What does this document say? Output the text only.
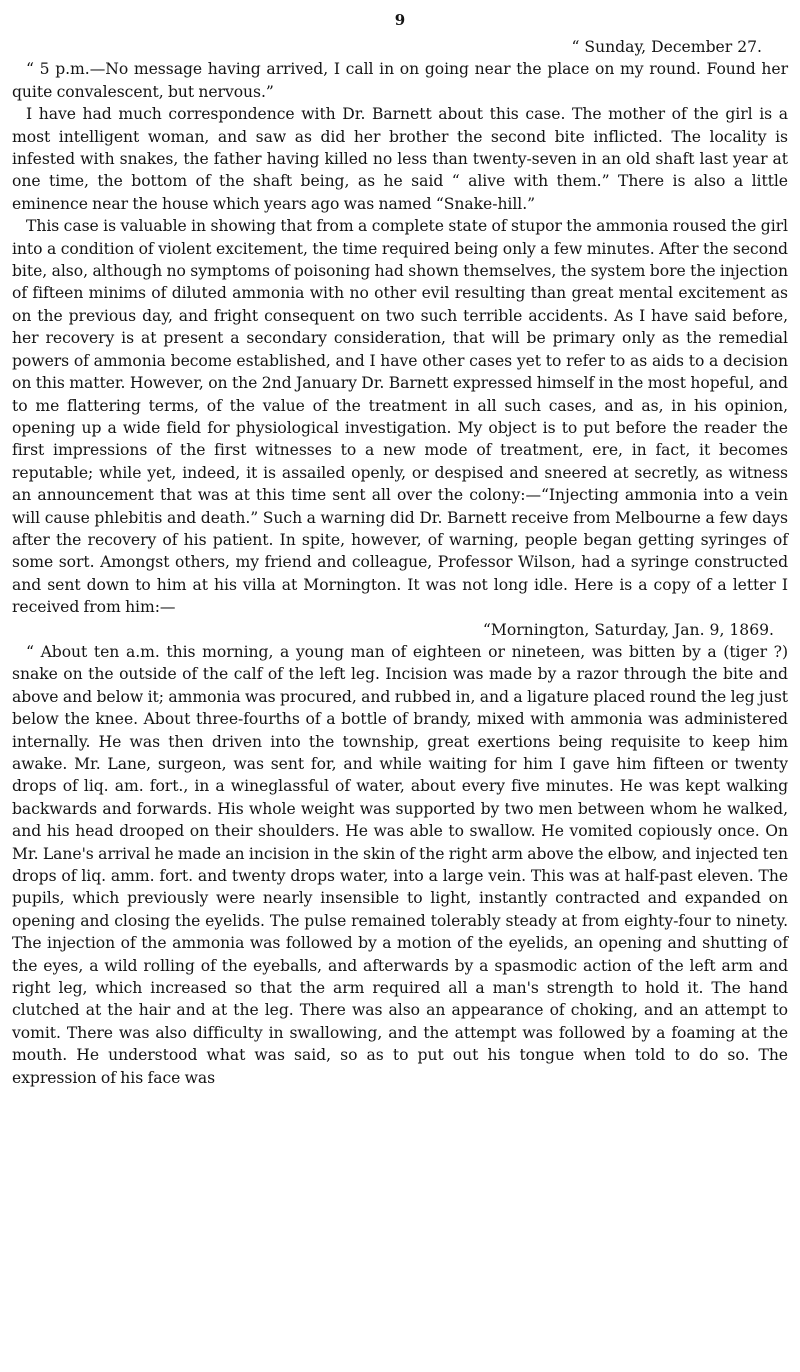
9
“ Sunday, December 27.

“ 5 p.m.—No message having arrived, I call in on going near the place on my round. Found her quite convalescent, but nervous.”

I have had much correspondence with Dr. Barnett about this case. The mother of the girl is a most intelligent woman, and saw as did her brother the second bite inflicted. The locality is infested with snakes, the father having killed no less than twenty-seven in an old shaft last year at one time, the bottom of the shaft being, as he said “ alive with them.” There is also a little eminence near the house which years ago was named “Snake-hill.”

This case is valuable in showing that from a complete state of stupor the ammonia roused the girl into a condition of violent excitement, the time required being only a few minutes. After the second bite, also, although no symptoms of poisoning had shown themselves, the system bore the injection of fifteen minims of diluted ammonia with no other evil resulting than great mental excitement as on the previous day, and fright consequent on two such terrible accidents. As I have said before, her recovery is at present a secondary consideration, that will be primary only as the remedial powers of ammonia become established, and I have other cases yet to refer to as aids to a decision on this matter. However, on the 2nd January Dr. Barnett expressed himself in the most hopeful, and to me flattering terms, of the value of the treatment in all such cases, and as, in his opinion, opening up a wide field for physiological investigation. My object is to put before the reader the first impressions of the first witnesses to a new mode of treatment, ere, in fact, it becomes reputable; while yet, indeed, it is assailed openly, or despised and sneered at secretly, as witness an announcement that was at this time sent all over the colony:—“Injecting ammonia into a vein will cause phlebitis and death.” Such a warning did Dr. Barnett receive from Melbourne a few days after the recovery of his patient. In spite, however, of warning, people began getting syringes of some sort. Amongst others, my friend and colleague, Professor Wilson, had a syringe constructed and sent down to him at his villa at Mornington. It was not long idle. Here is a copy of a letter I received from him:—

“Mornington, Saturday, Jan. 9, 1869.

“ About ten a.m. this morning, a young man of eighteen or nineteen, was bitten by a (tiger ?) snake on the outside of the calf of the left leg. Incision was made by a razor through the bite and above and below it; ammonia was procured, and rubbed in, and a ligature placed round the leg just below the knee. About three-fourths of a bottle of brandy, mixed with ammonia was administered internally. He was then driven into the township, great exertions being requisite to keep him awake. Mr. Lane, surgeon, was sent for, and while waiting for him I gave him fifteen or twenty drops of liq. am. fort., in a wineglassful of water, about every five minutes. He was kept walking backwards and forwards. His whole weight was supported by two men between whom he walked, and his head drooped on their shoulders. He was able to swallow. He vomited copiously once. On Mr. Lane's arrival he made an incision in the skin of the right arm above the elbow, and injected ten drops of liq. amm. fort. and twenty drops water, into a large vein. This was at half-past eleven. The pupils, which previously were nearly insensible to light, instantly contracted and expanded on opening and closing the eyelids. The pulse remained tolerably steady at from eighty-four to ninety. The injection of the ammonia was followed by a motion of the eyelids, an opening and shutting of the eyes, a wild rolling of the eyeballs, and afterwards by a spasmodic action of the left arm and right leg, which increased so that the arm required all a man's strength to hold it. The hand clutched at the hair and at the leg. There was also an appearance of choking, and an attempt to vomit. There was also difficulty in swallowing, and the attempt was followed by a foaming at the mouth. He understood what was said, so as to put out his tongue when told to do so. The expression of his face was
